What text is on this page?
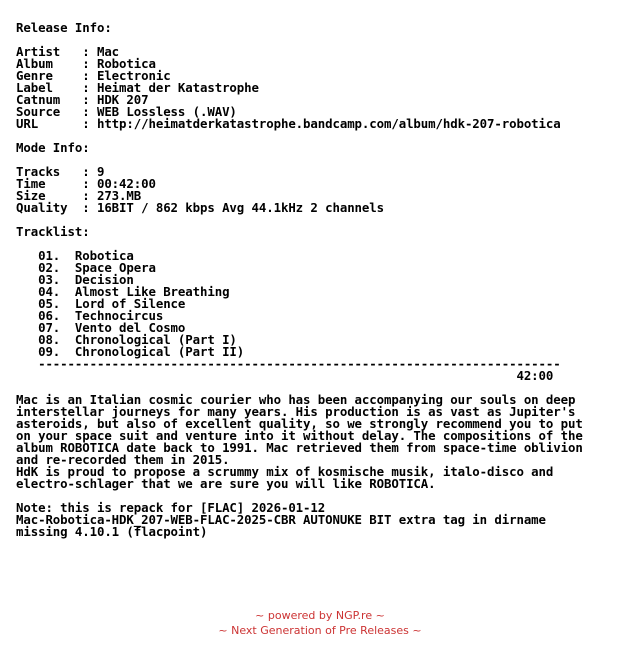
Release Info:
Artist   : Mac
Album    : Robotica
Genre    : Electronic
Label    : Heimat der Katastrophe
Catnum   : HDK 207
Source   : WEB Lossless (.WAV)
URL      : http://heimatderkatastrophe.bandcamp.com/album/hdk-207-robotica
Mode Info:
Tracks   : 9
Time     : 00:42:00
Size     : 273.MB
Quality  : 16BIT / 862 kbps Avg 44.1kHz 2 channels
Tracklist:
01.  Robotica
02.  Space Opera
03.  Decision
04.  Almost Like Breathing
05.  Lord of Silence
06.  Technocircus
07.  Vento del Cosmo
08.  Chronological (Part I)
09.  Chronological (Part II)
-----------------------------------------------------------------------
42:00
Mac is an Italian cosmic courier who has been accompanying our souls on deep
interstellar journeys for many years. His production is as vast as Jupiter's
asteroids, but also of excellent quality, so we strongly recommend you to put
on your space suit and venture into it without delay. The compositions of the
album ROBOTICA date back to 1991. Mac retrieved them from space-time oblivion
and re-recorded them in 2015.
HdK is proud to propose a scrummy mix of kosmische musik, italo-disco and
electro-schlager that we are sure you will like ROBOTICA.
Note: this is repack for [FLAC] 2026-01-12
Mac-Robotica-HDK_207-WEB-FLAC-2025-CBR AUTONUKE BIT extra tag in dirname
missing 4.10.1 (flacpoint)
~ powered by NGP.re ~
~ Next Generation of Pre Releases ~
